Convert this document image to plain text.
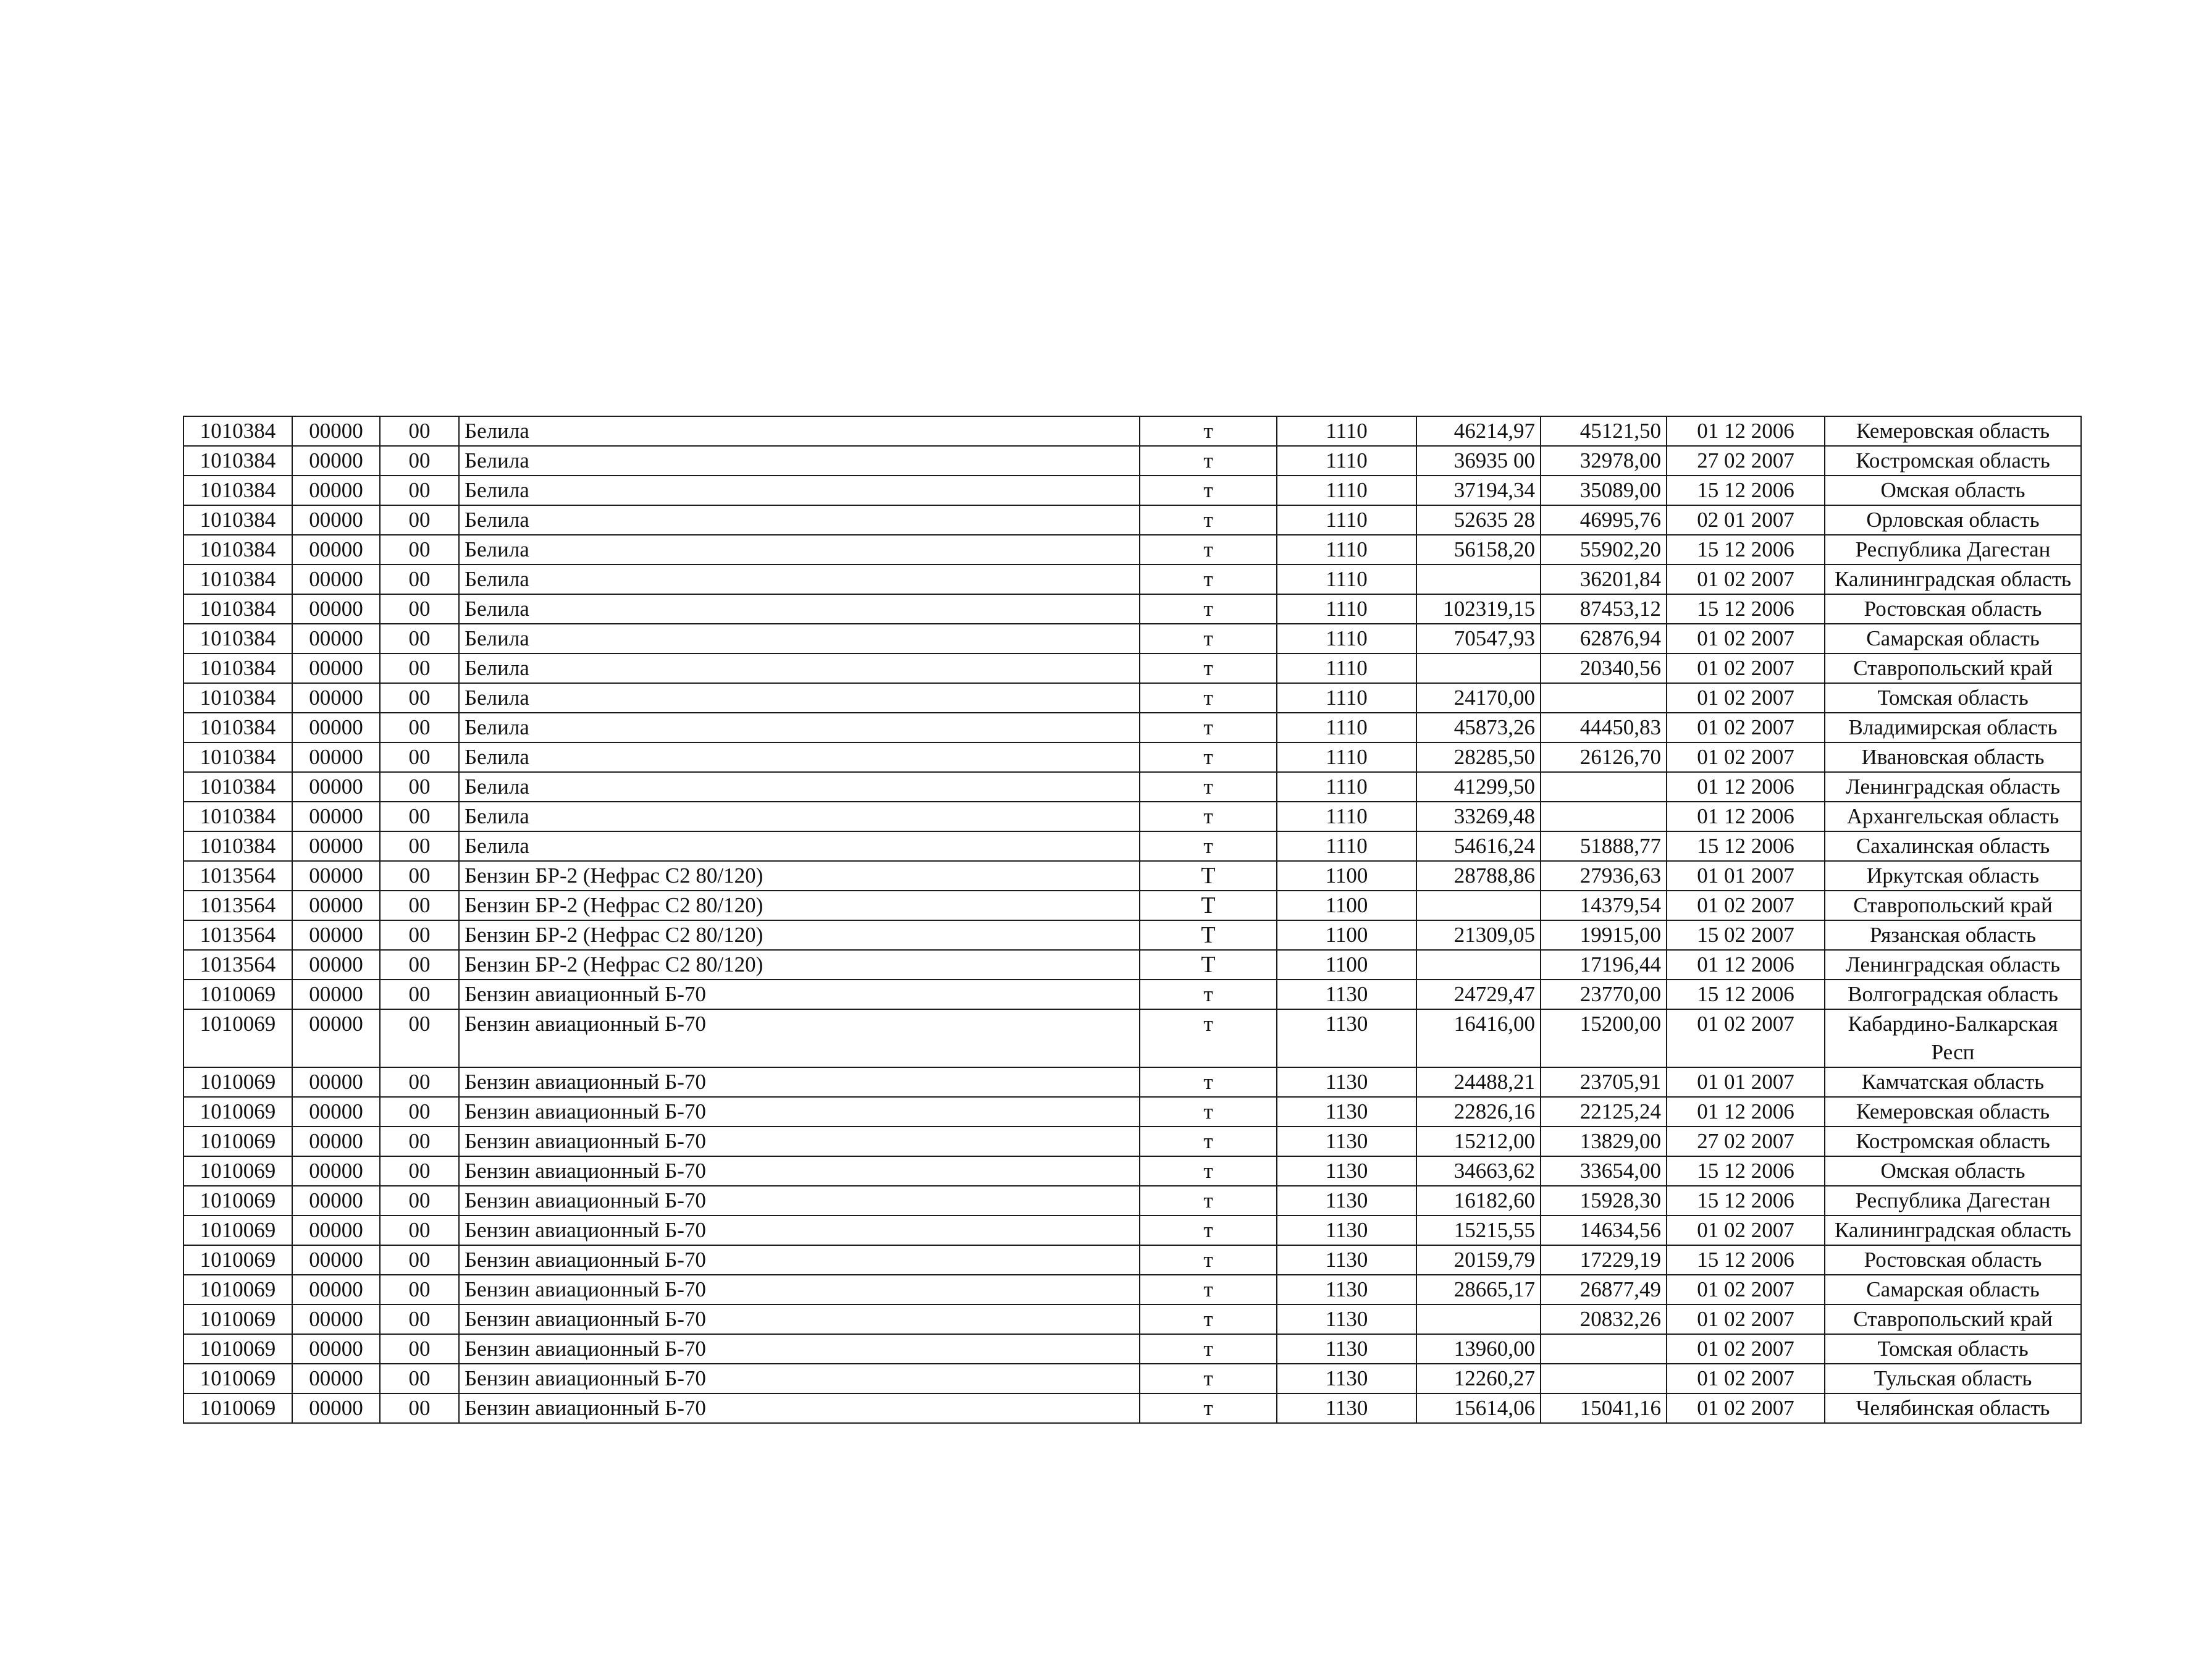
1010384	00000	00	Белила	т	1110	46214,97	45121,50	01 12 2006	Кемеровская область
1010384	00000	00	Белила	т	1110	36935 00	32978,00	27 02 2007	Костромская область
1010384	00000	00	Белила	т	1110	37194,34	35089,00	15 12 2006	Омская область
1010384	00000	00	Белила	т	1110	52635 28	46995,76	02 01 2007	Орловская область
1010384	00000	00	Белила	т	1110	56158,20	55902,20	15 12 2006	Республика Дагестан
1010384	00000	00	Белила	т	1110		36201,84	01 02 2007	Калининградская область
1010384	00000	00	Белила	т	1110	102319,15	87453,12	15 12 2006	Ростовская область
1010384	00000	00	Белила	т	1110	70547,93	62876,94	01 02 2007	Самарская область
1010384	00000	00	Белила	т	1110		20340,56	01 02 2007	Ставропольский край
1010384	00000	00	Белила	т	1110	24170,00		01 02 2007	Томская область
1010384	00000	00	Белила	т	1110	45873,26	44450,83	01 02 2007	Владимирская область
1010384	00000	00	Белила	т	1110	28285,50	26126,70	01 02 2007	Ивановская область
1010384	00000	00	Белила	т	1110	41299,50		01 12 2006	Ленинградская область
1010384	00000	00	Белила	т	1110	33269,48		01 12 2006	Архангельская область
1010384	00000	00	Белила	т	1110	54616,24	51888,77	15 12 2006	Сахалинская область
1013564	00000	00	Бензин БР-2 (Нефрас С2 80/120)	Т	1100	28788,86	27936,63	01 01 2007	Иркутская область
1013564	00000	00	Бензин БР-2 (Нефрас С2 80/120)	Т	1100		14379,54	01 02 2007	Ставропольский край
1013564	00000	00	Бензин БР-2 (Нефрас С2 80/120)	Т	1100	21309,05	19915,00	15 02 2007	Рязанская область
1013564	00000	00	Бензин БР-2 (Нефрас С2 80/120)	Т	1100		17196,44	01 12 2006	Ленинградская область
1010069	00000	00	Бензин авиационный Б-70	т	1130	24729,47	23770,00	15 12 2006	Волгоградская область
1010069	00000	00	Бензин авиационный Б-70	т	1130	16416,00	15200,00	01 02 2007	Кабардино-Балкарская Респ
1010069	00000	00	Бензин авиационный Б-70	т	1130	24488,21	23705,91	01 01 2007	Камчатская область
1010069	00000	00	Бензин авиационный Б-70	т	1130	22826,16	22125,24	01 12 2006	Кемеровская область
1010069	00000	00	Бензин авиационный Б-70	т	1130	15212,00	13829,00	27 02 2007	Костромская область
1010069	00000	00	Бензин авиационный Б-70	т	1130	34663,62	33654,00	15 12 2006	Омская область
1010069	00000	00	Бензин авиационный Б-70	т	1130	16182,60	15928,30	15 12 2006	Республика Дагестан
1010069	00000	00	Бензин авиационный Б-70	т	1130	15215,55	14634,56	01 02 2007	Калининградская область
1010069	00000	00	Бензин авиационный Б-70	т	1130	20159,79	17229,19	15 12 2006	Ростовская область
1010069	00000	00	Бензин авиационный Б-70	т	1130	28665,17	26877,49	01 02 2007	Самарская область
1010069	00000	00	Бензин авиационный Б-70	т	1130		20832,26	01 02 2007	Ставропольский край
1010069	00000	00	Бензин авиационный Б-70	т	1130	13960,00		01 02 2007	Томская область
1010069	00000	00	Бензин авиационный Б-70	т	1130	12260,27		01 02 2007	Тульская область
1010069	00000	00	Бензин авиационный Б-70	т	1130	15614,06	15041,16	01 02 2007	Челябинская область
